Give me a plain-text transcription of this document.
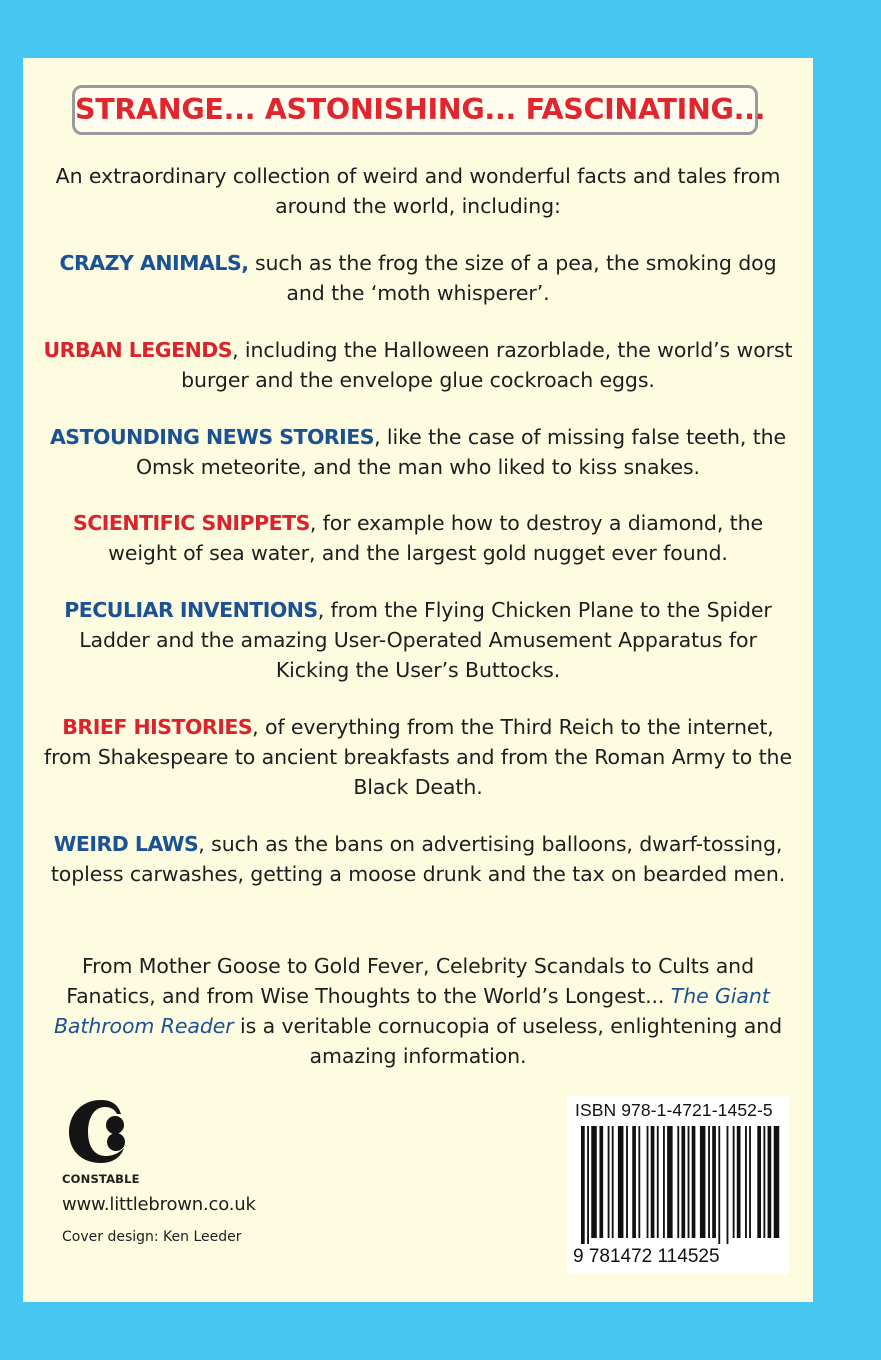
STRANGE... ASTONISHING... FASCINATING...
An extraordinary collection of weird and wonderful facts and tales from around the world, including:
CRAZY ANIMALS, such as the frog the size of a pea, the smoking dog and the ‘moth whisperer’.
URBAN LEGENDS, including the Halloween razorblade, the world’s worst burger and the envelope glue cockroach eggs.
ASTOUNDING NEWS STORIES, like the case of missing false teeth, the Omsk meteorite, and the man who liked to kiss snakes.
SCIENTIFIC SNIPPETS, for example how to destroy a diamond, the weight of sea water, and the largest gold nugget ever found.
PECULIAR INVENTIONS, from the Flying Chicken Plane to the Spider Ladder and the amazing User-Operated Amusement Apparatus for Kicking the User’s Buttocks.
BRIEF HISTORIES, of everything from the Third Reich to the internet, from Shakespeare to ancient breakfasts and from the Roman Army to the Black Death.
WEIRD LAWS, such as the bans on advertising balloons, dwarf-tossing, topless carwashes, getting a moose drunk and the tax on bearded men.
From Mother Goose to Gold Fever, Celebrity Scandals to Cults and Fanatics, and from Wise Thoughts to the World’s Longest... The Giant Bathroom Reader is a veritable cornucopia of useless, enlightening and amazing information.
CONSTABLE
www.littlebrown.co.uk
Cover design: Ken Leeder
ISBN 978-1-4721-1452-5
9 781472 114525
